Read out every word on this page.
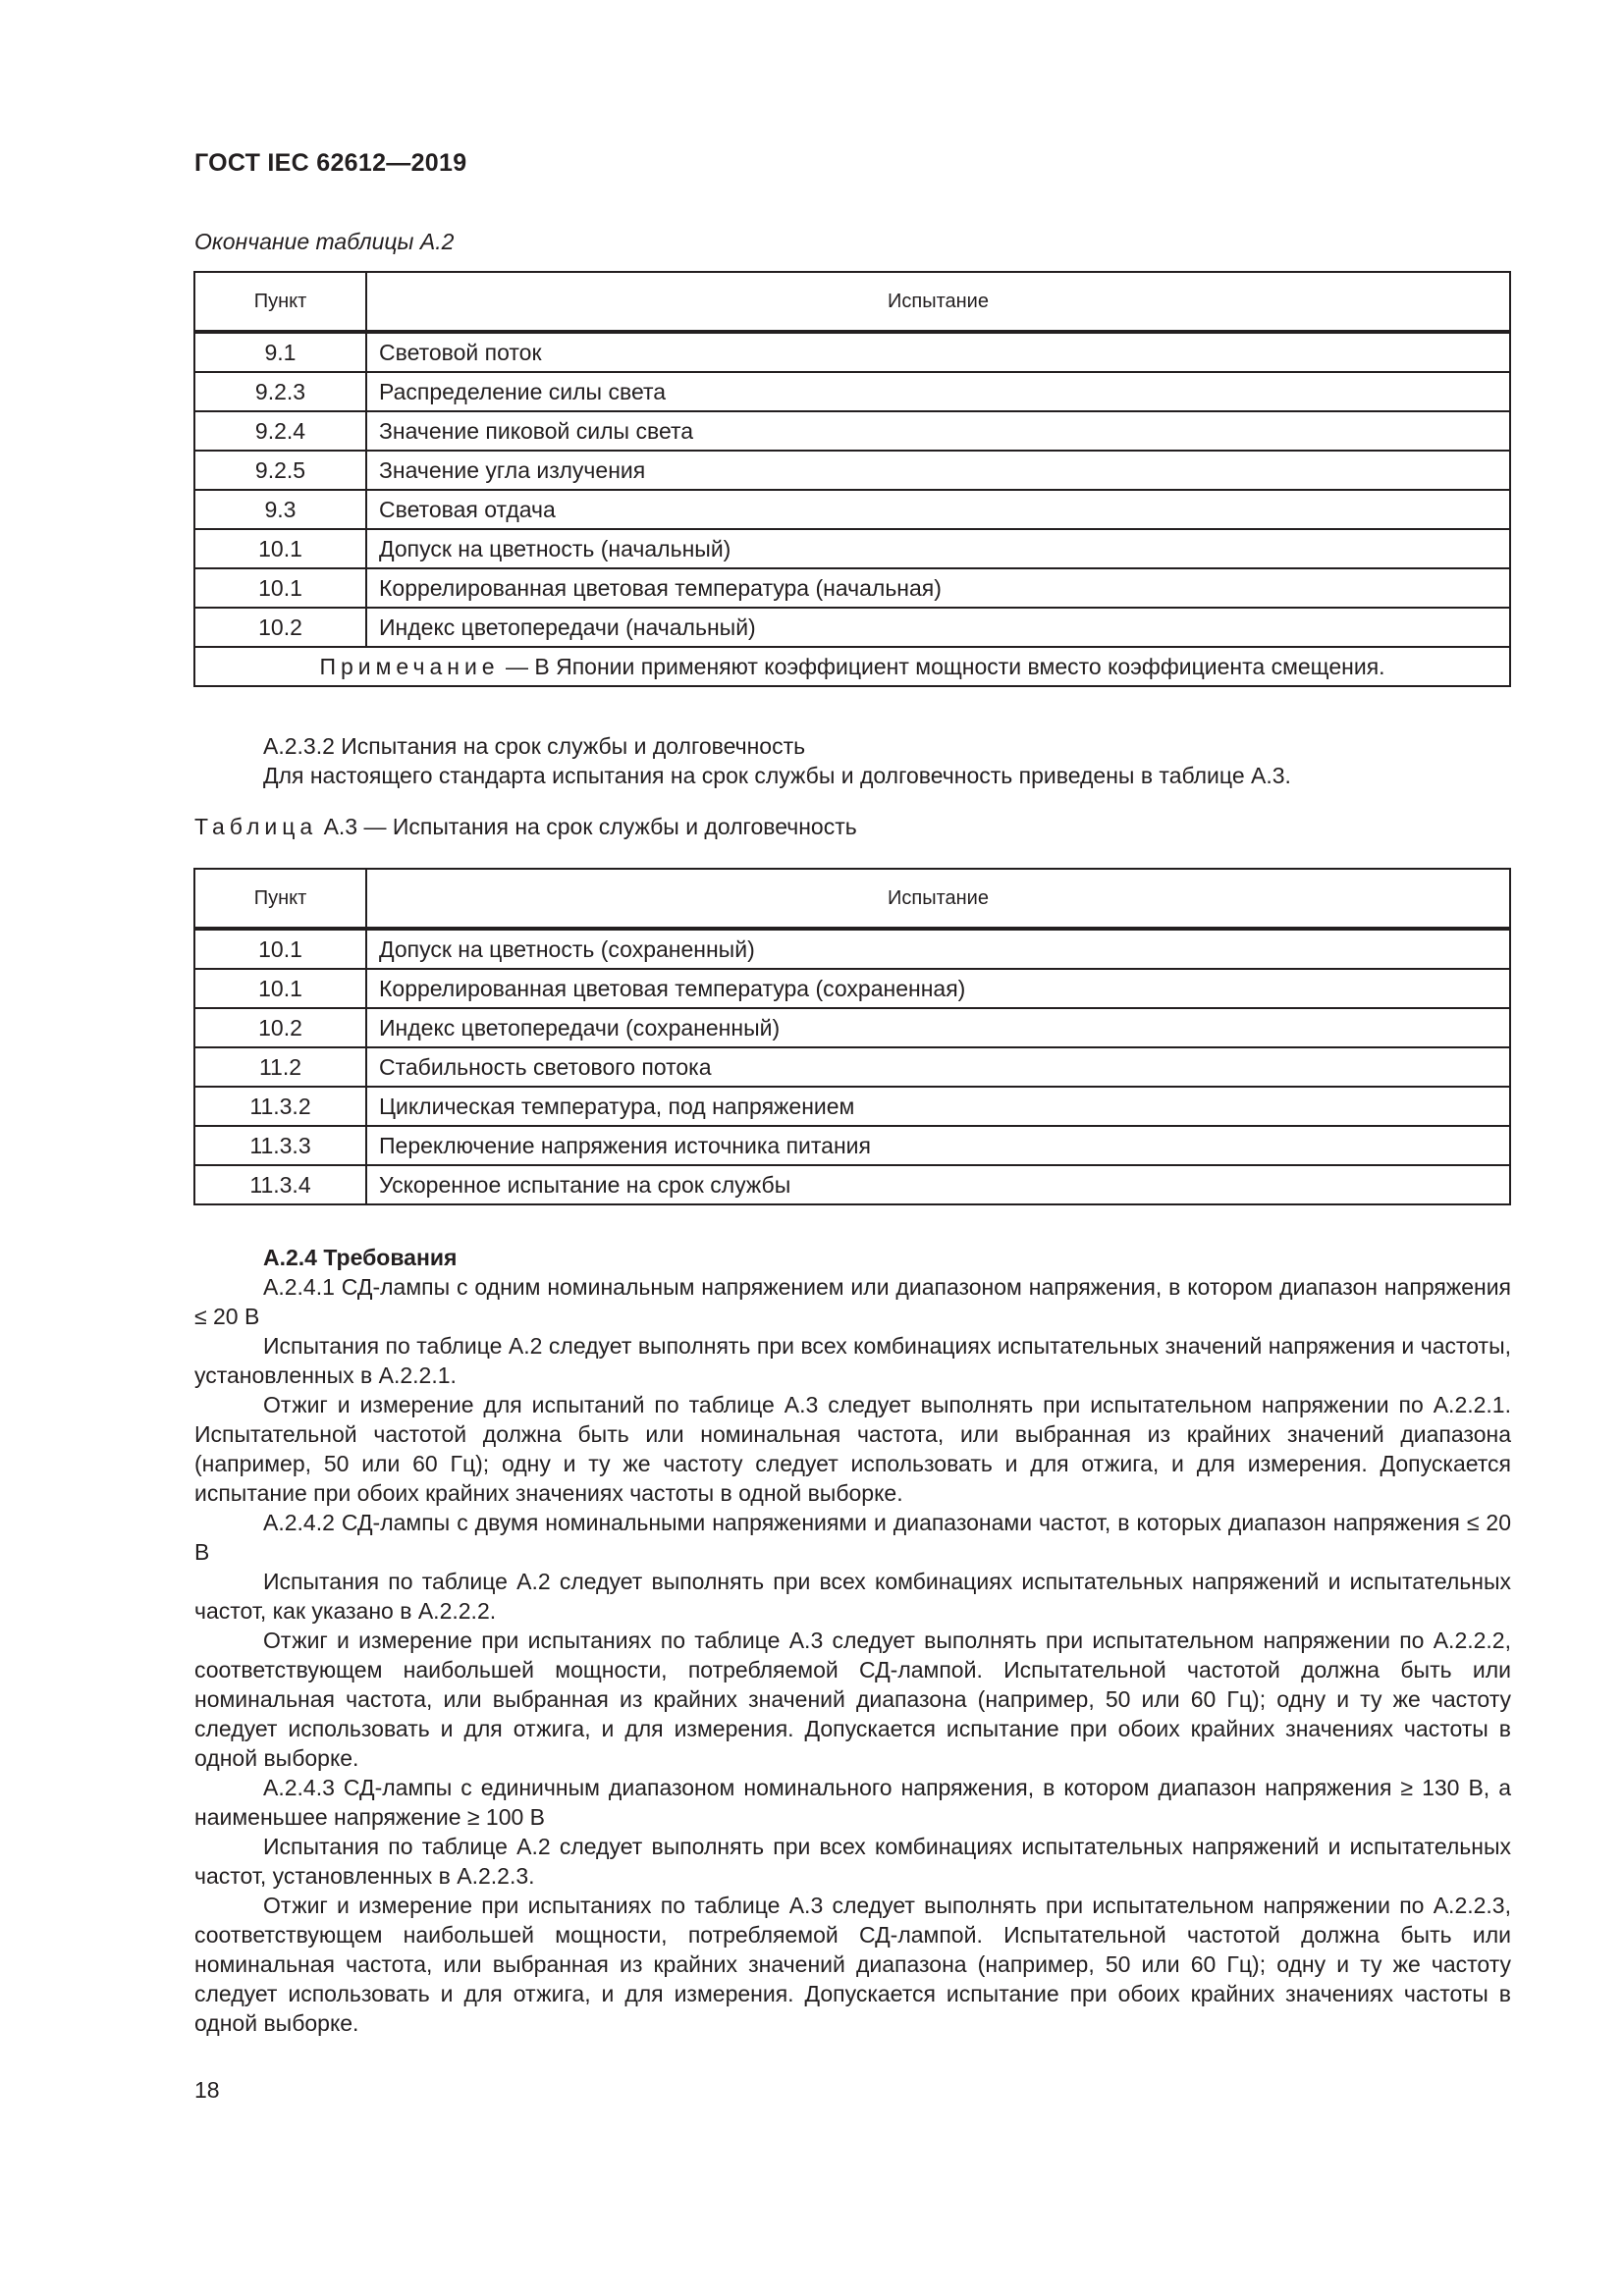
ГОСТ IEC 62612—2019
Окончание таблицы А.2
Пункт	Испытание
9.1	Световой поток
9.2.3	Распределение силы света
9.2.4	Значение пиковой силы света
9.2.5	Значение угла излучения
9.3	Световая отдача
10.1	Допуск на цветность (начальный)
10.1	Коррелированная цветовая температура (начальная)
10.2	Индекс цветопередачи (начальный)
Примечание — В Японии применяют коэффициент мощности вместо коэффициента смещения.	
А.2.3.2 Испытания на срок службы и долговечность
Для настоящего стандарта испытания на срок службы и долговечность приведены в таблице А.3.
Таблица А.3 — Испытания на срок службы и долговечность
Пункт	Испытание
10.1	Допуск на цветность (сохраненный)
10.1	Коррелированная цветовая температура (сохраненная)
10.2	Индекс цветопередачи (сохраненный)
11.2	Стабильность светового потока
11.3.2	Циклическая температура, под напряжением
11.3.3	Переключение напряжения источника питания
11.3.4	Ускоренное испытание на срок службы
А.2.4 Требования
А.2.4.1 СД-лампы с одним номинальным напряжением или диапазоном напряжения, в котором диапазон напряжения ≤ 20 В
Испытания по таблице А.2 следует выполнять при всех комбинациях испытательных значений напряжения и частоты, установленных в А.2.2.1.
Отжиг и измерение для испытаний по таблице А.3 следует выполнять при испытательном напряжении по А.2.2.1. Испытательной частотой должна быть или номинальная частота, или выбранная из крайних значений диапазона (например, 50 или 60 Гц); одну и ту же частоту следует использовать и для отжига, и для измерения. Допускается испытание при обоих крайних значениях частоты в одной выборке.
А.2.4.2 СД-лампы с двумя номинальными напряжениями и диапазонами частот, в которых диапазон напряжения ≤ 20 В
Испытания по таблице А.2 следует выполнять при всех комбинациях испытательных напряжений и испытательных частот, как указано в А.2.2.2.
Отжиг и измерение при испытаниях по таблице А.3 следует выполнять при испытательном напряжении по А.2.2.2, соответствующем наибольшей мощности, потребляемой СД-лампой. Испытательной частотой должна быть или номинальная частота, или выбранная из крайних значений диапазона (например, 50 или 60 Гц); одну и ту же частоту следует использовать и для отжига, и для измерения. Допускается испытание при обоих крайних значениях частоты в одной выборке.
А.2.4.3 СД-лампы с единичным диапазоном номинального напряжения, в котором диапазон напряжения ≥ 130 В, а наименьшее напряжение ≥ 100 В
Испытания по таблице А.2 следует выполнять при всех комбинациях испытательных напряжений и испытательных частот, установленных в А.2.2.3.
Отжиг и измерение при испытаниях по таблице А.3 следует выполнять при испытательном напряжении по А.2.2.3, соответствующем наибольшей мощности, потребляемой СД-лампой. Испытательной частотой должна быть или номинальная частота, или выбранная из крайних значений диапазона (например, 50 или 60 Гц); одну и ту же частоту следует использовать и для отжига, и для измерения. Допускается испытание при обоих крайних значениях частоты в одной выборке.
18
